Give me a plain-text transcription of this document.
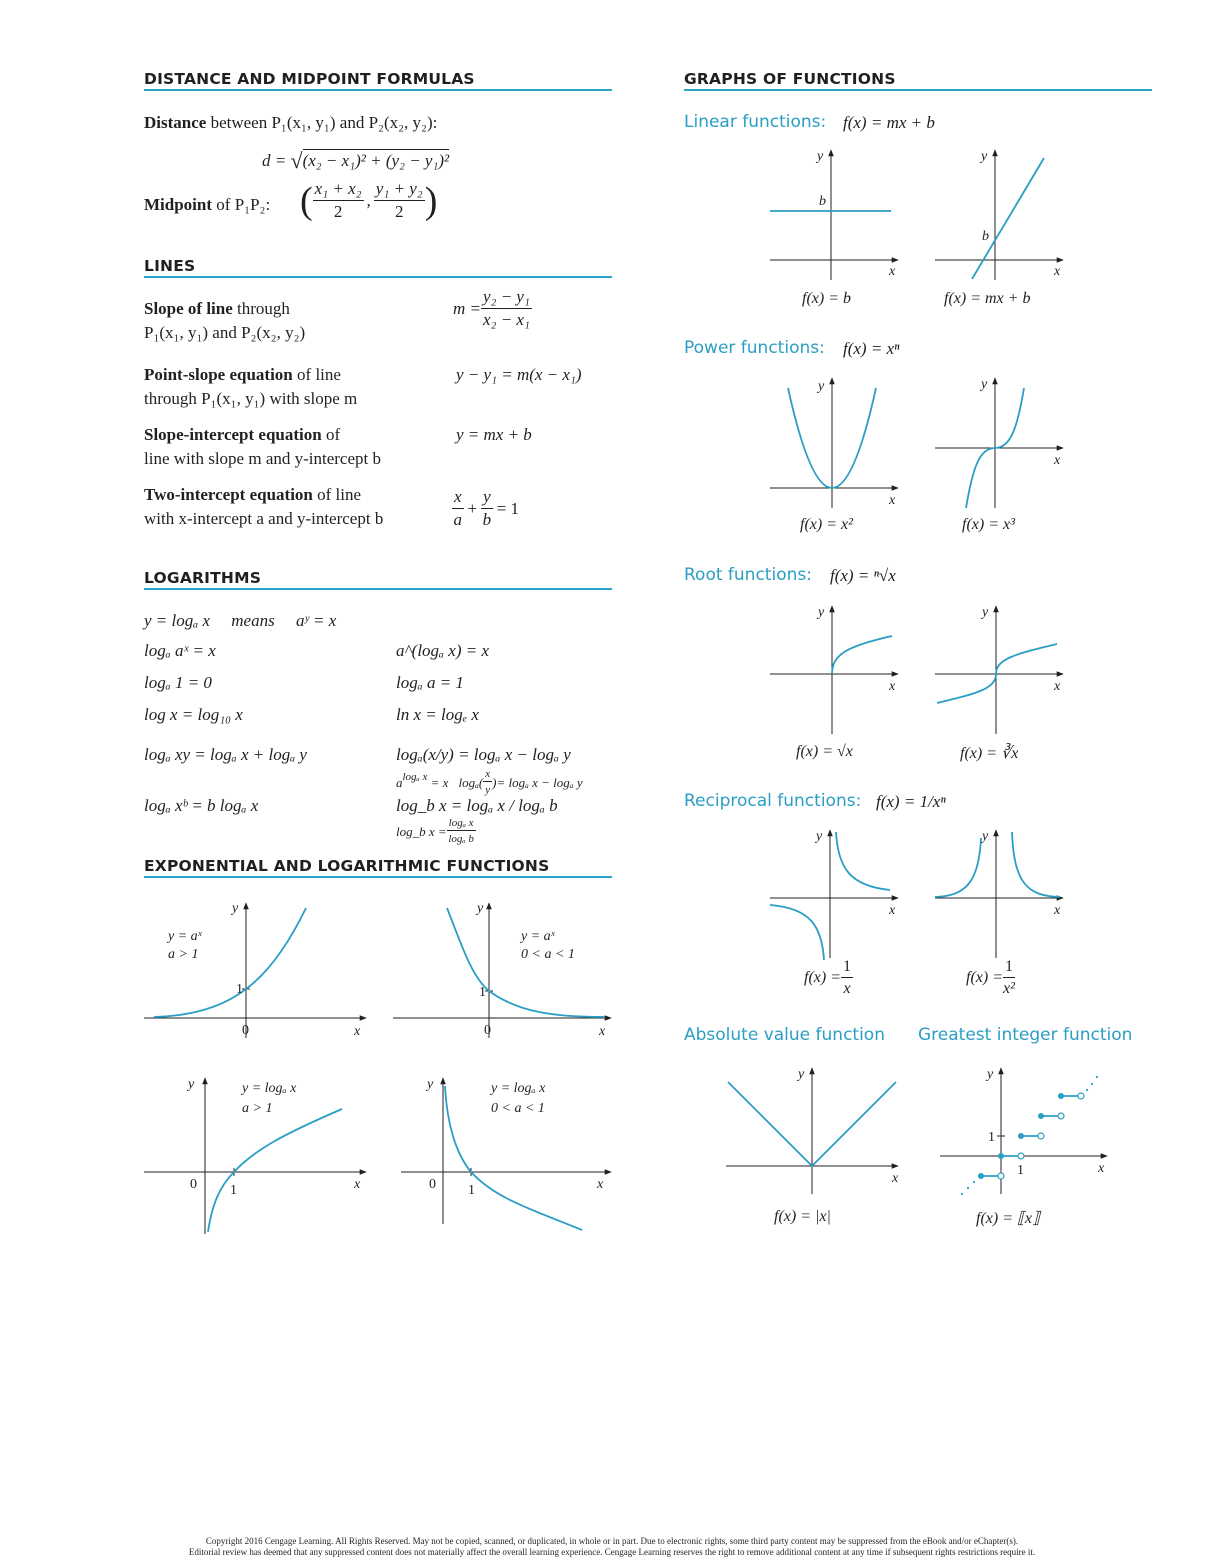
DISTANCE AND MIDPOINT FORMULAS
Distance between P₁(x₁, y₁) and P₂(x₂, y₂):
d = √(x₂ − x₁)² + (y₂ − y₁)²
Midpoint of P₁P₂: ( $\frac{\text{x₁ + x₂}}{2}$ , $\frac{\text{y₁ + y₂}}{2}$ )
LINES
Slope of line through
P₁(x₁, y₁) and P₂(x₂, y₂)
$m = \frac{\text{y₂ − y₁}}{\text{x₂ − x₁}}$
Point-slope equation of line
through P₁(x₁, y₁) with slope m
y − y₁ = m(x − x₁)
Slope-intercept equation of
line with slope m and y-intercept b
y = mx + b
Two-intercept equation of line
with x-intercept a and y-intercept b	$\frac{x}{a} + \frac{y}{b} = 1$
LOGARITHMS
y = logₐ x     means     aʸ = x
logₐ aˣ = x
logₐ 1 = 0
log x = log₁₀ x
logₐ xy = logₐ x + logₐ y
logₐ xᵇ = b logₐ x
a^(logₐ x) = x
logₐ a = 1
ln x = logₑ x
logₐ(x/y) = logₐ x − logₐ y
log_b x = logₐ x / logₐ b
$a^{log_a x} = x$ logₐ ( $\frac{x}{y}$ ) = logₐ x − logₐ y
log_b $x = \frac{\text{logₐ x}}{\text{logₐ b}}$
EXPONENTIAL AND LOGARITHMIC FUNCTIONS
y
x
1
0
y = aˣ
a > 1
y
x
1
0
y = aˣ
0 < a < 1
y
x
1
0
y = logₐ x
a > 1
y
x
1
0
y = logₐ x
0 < a < 1
GRAPHS OF FUNCTIONS
Linear functions: f(x) = mx + b
y
x
b
f(x) = b
y
x
b
f(x) = mx + b
Power functions: f(x) = xⁿ
y
x
f(x) = x²
y
x
f(x) = x³
Root functions: f(x) = ⁿ√x
y
x
f(x) = √x
y
x
f(x) = ∛x
Reciprocal functions: f(x) = 1/xⁿ
y
x
$f(x) = \frac{1}{x}$
y
x
$f(x) = \frac{1}{\text{x²}}$
Absolute value function Greatest integer function
y
x
f(x) = |x|
y
x
1
1
f(x) = ⟦x⟧
Copyright 2016 Cengage Learning. All Rights Reserved. May not be copied, scanned, or duplicated, in whole or in part. Due to electronic rights, some third party content may be suppressed from the eBook and/or eChapter(s).
Editorial review has deemed that any suppressed content does not materially affect the overall learning experience. Cengage Learning reserves the right to remove additional content at any time if subsequent rights restrictions require it.
